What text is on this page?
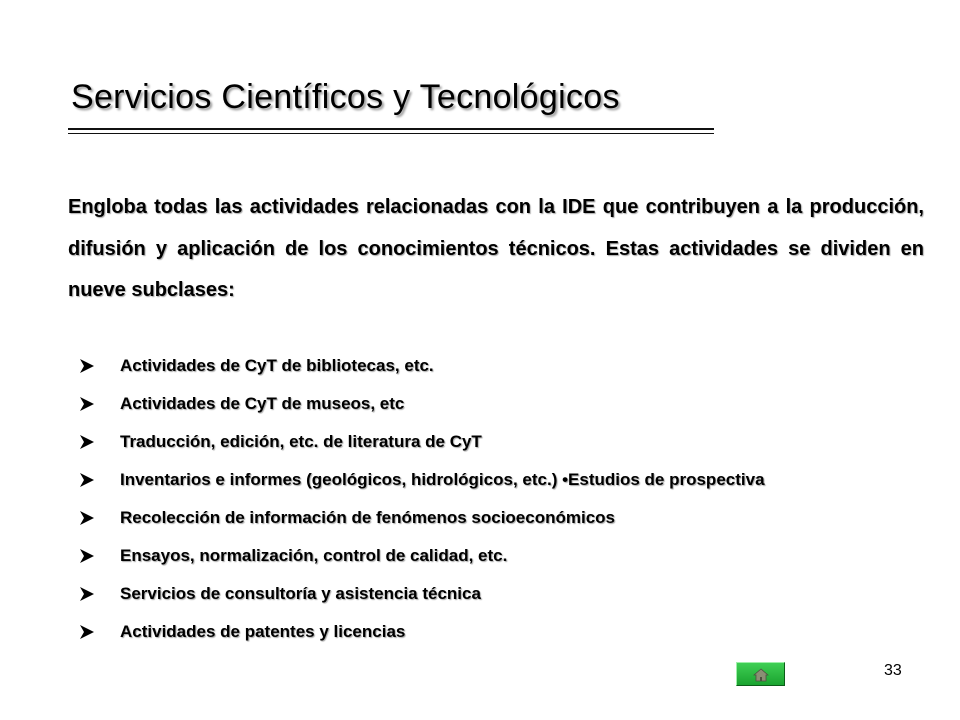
Servicios Científicos y Tecnológicos

Engloba todas las actividades relacionadas con la IDE que contribuyen a la producción, difusión y aplicación de los conocimientos técnicos. Estas actividades se dividen en nueve subclases:

Actividades de CyT de bibliotecas, etc.
Actividades de CyT de museos, etc
Traducción, edición, etc. de literatura de CyT
Inventarios e informes (geológicos, hidrológicos, etc.) •Estudios de prospectiva
Recolección de información de fenómenos socioeconómicos
Ensayos, normalización, control de calidad, etc.
Servicios de consultoría y asistencia técnica
Actividades de patentes y licencias
33
